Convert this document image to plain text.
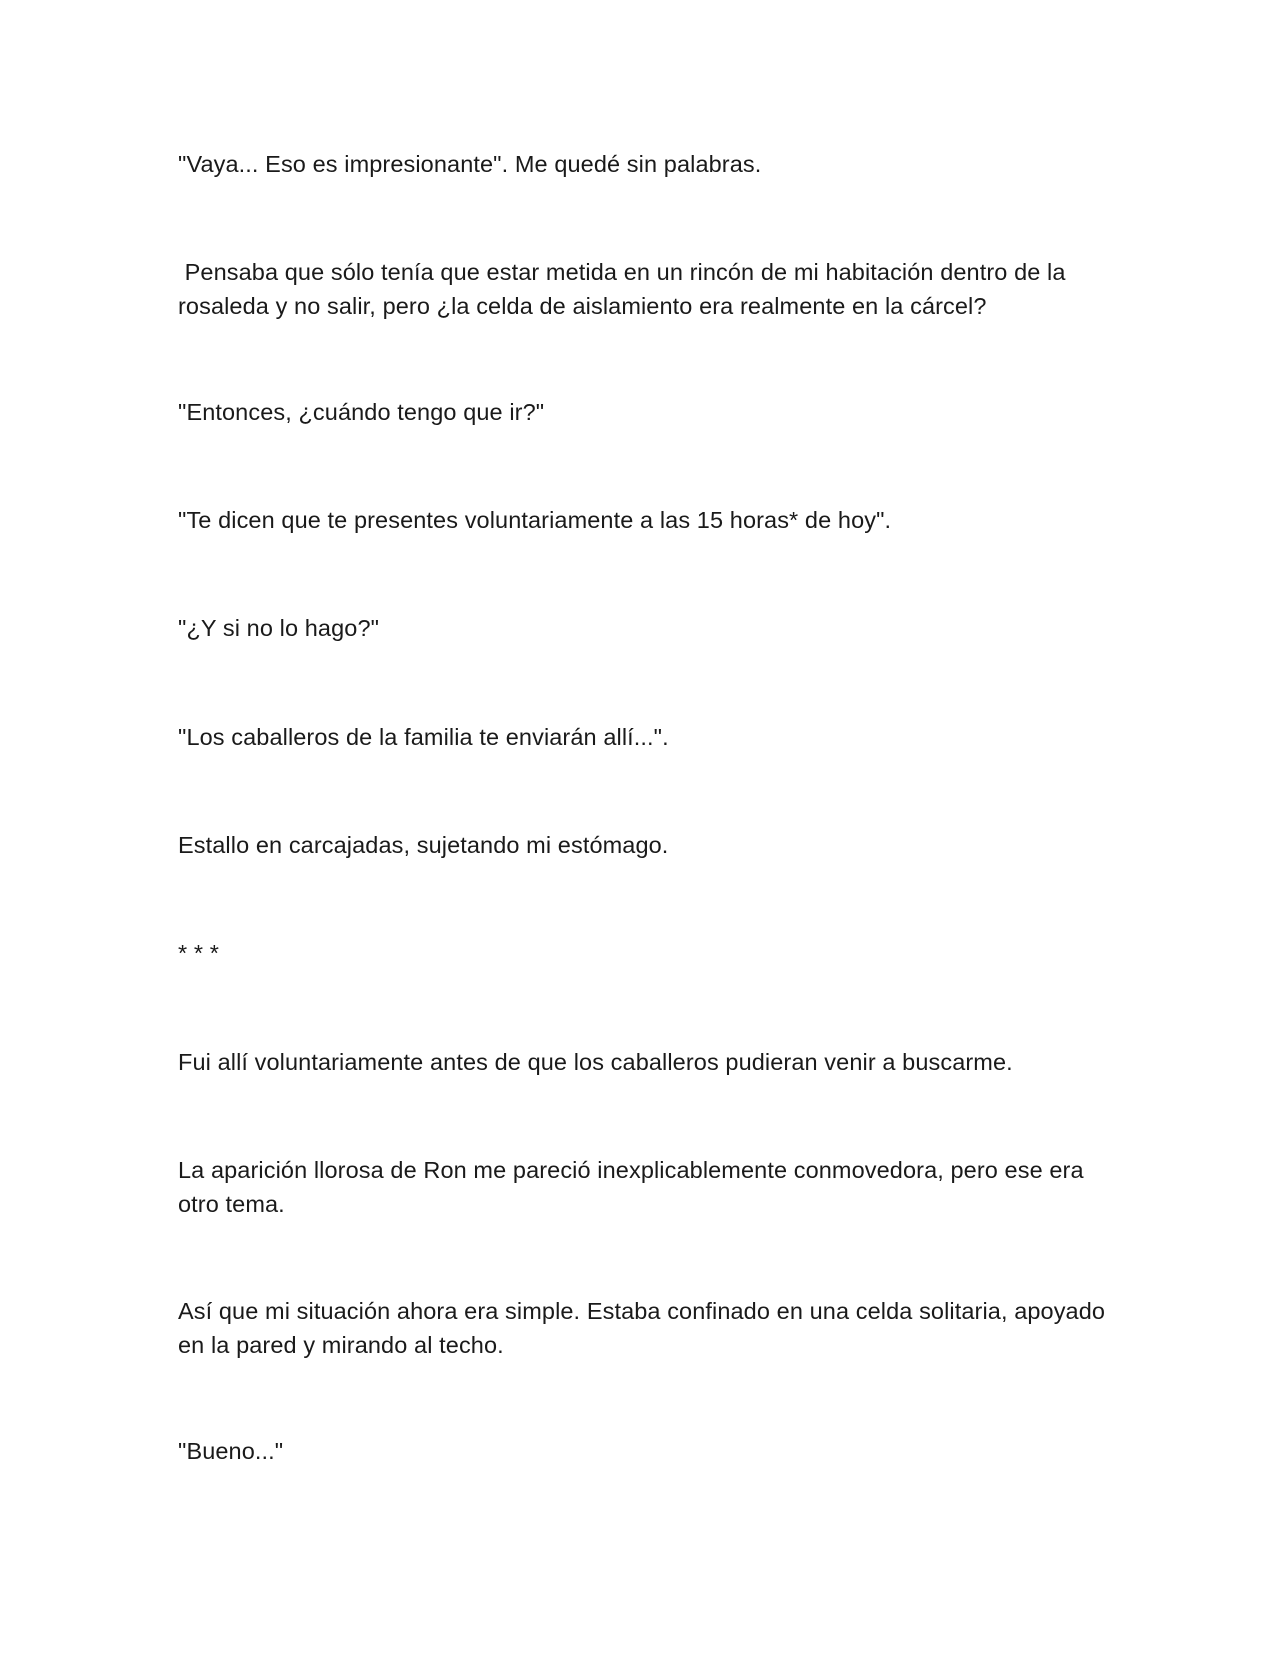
"Vaya... Eso es impresionante". Me quedé sin palabras.

Pensaba que sólo tenía que estar metida en un rincón de mi habitación dentro de la rosaleda y no salir, pero ¿la celda de aislamiento era realmente en la cárcel?

"Entonces, ¿cuándo tengo que ir?"

"Te dicen que te presentes voluntariamente a las 15 horas* de hoy".

"¿Y si no lo hago?"

"Los caballeros de la familia te enviarán allí...".

Estallo en carcajadas, sujetando mi estómago.

* * *

Fui allí voluntariamente antes de que los caballeros pudieran venir a buscarme.

La aparición llorosa de Ron me pareció inexplicablemente conmovedora, pero ese era otro tema.

Así que mi situación ahora era simple. Estaba confinado en una celda solitaria, apoyado en la pared y mirando al techo.

"Bueno..."
